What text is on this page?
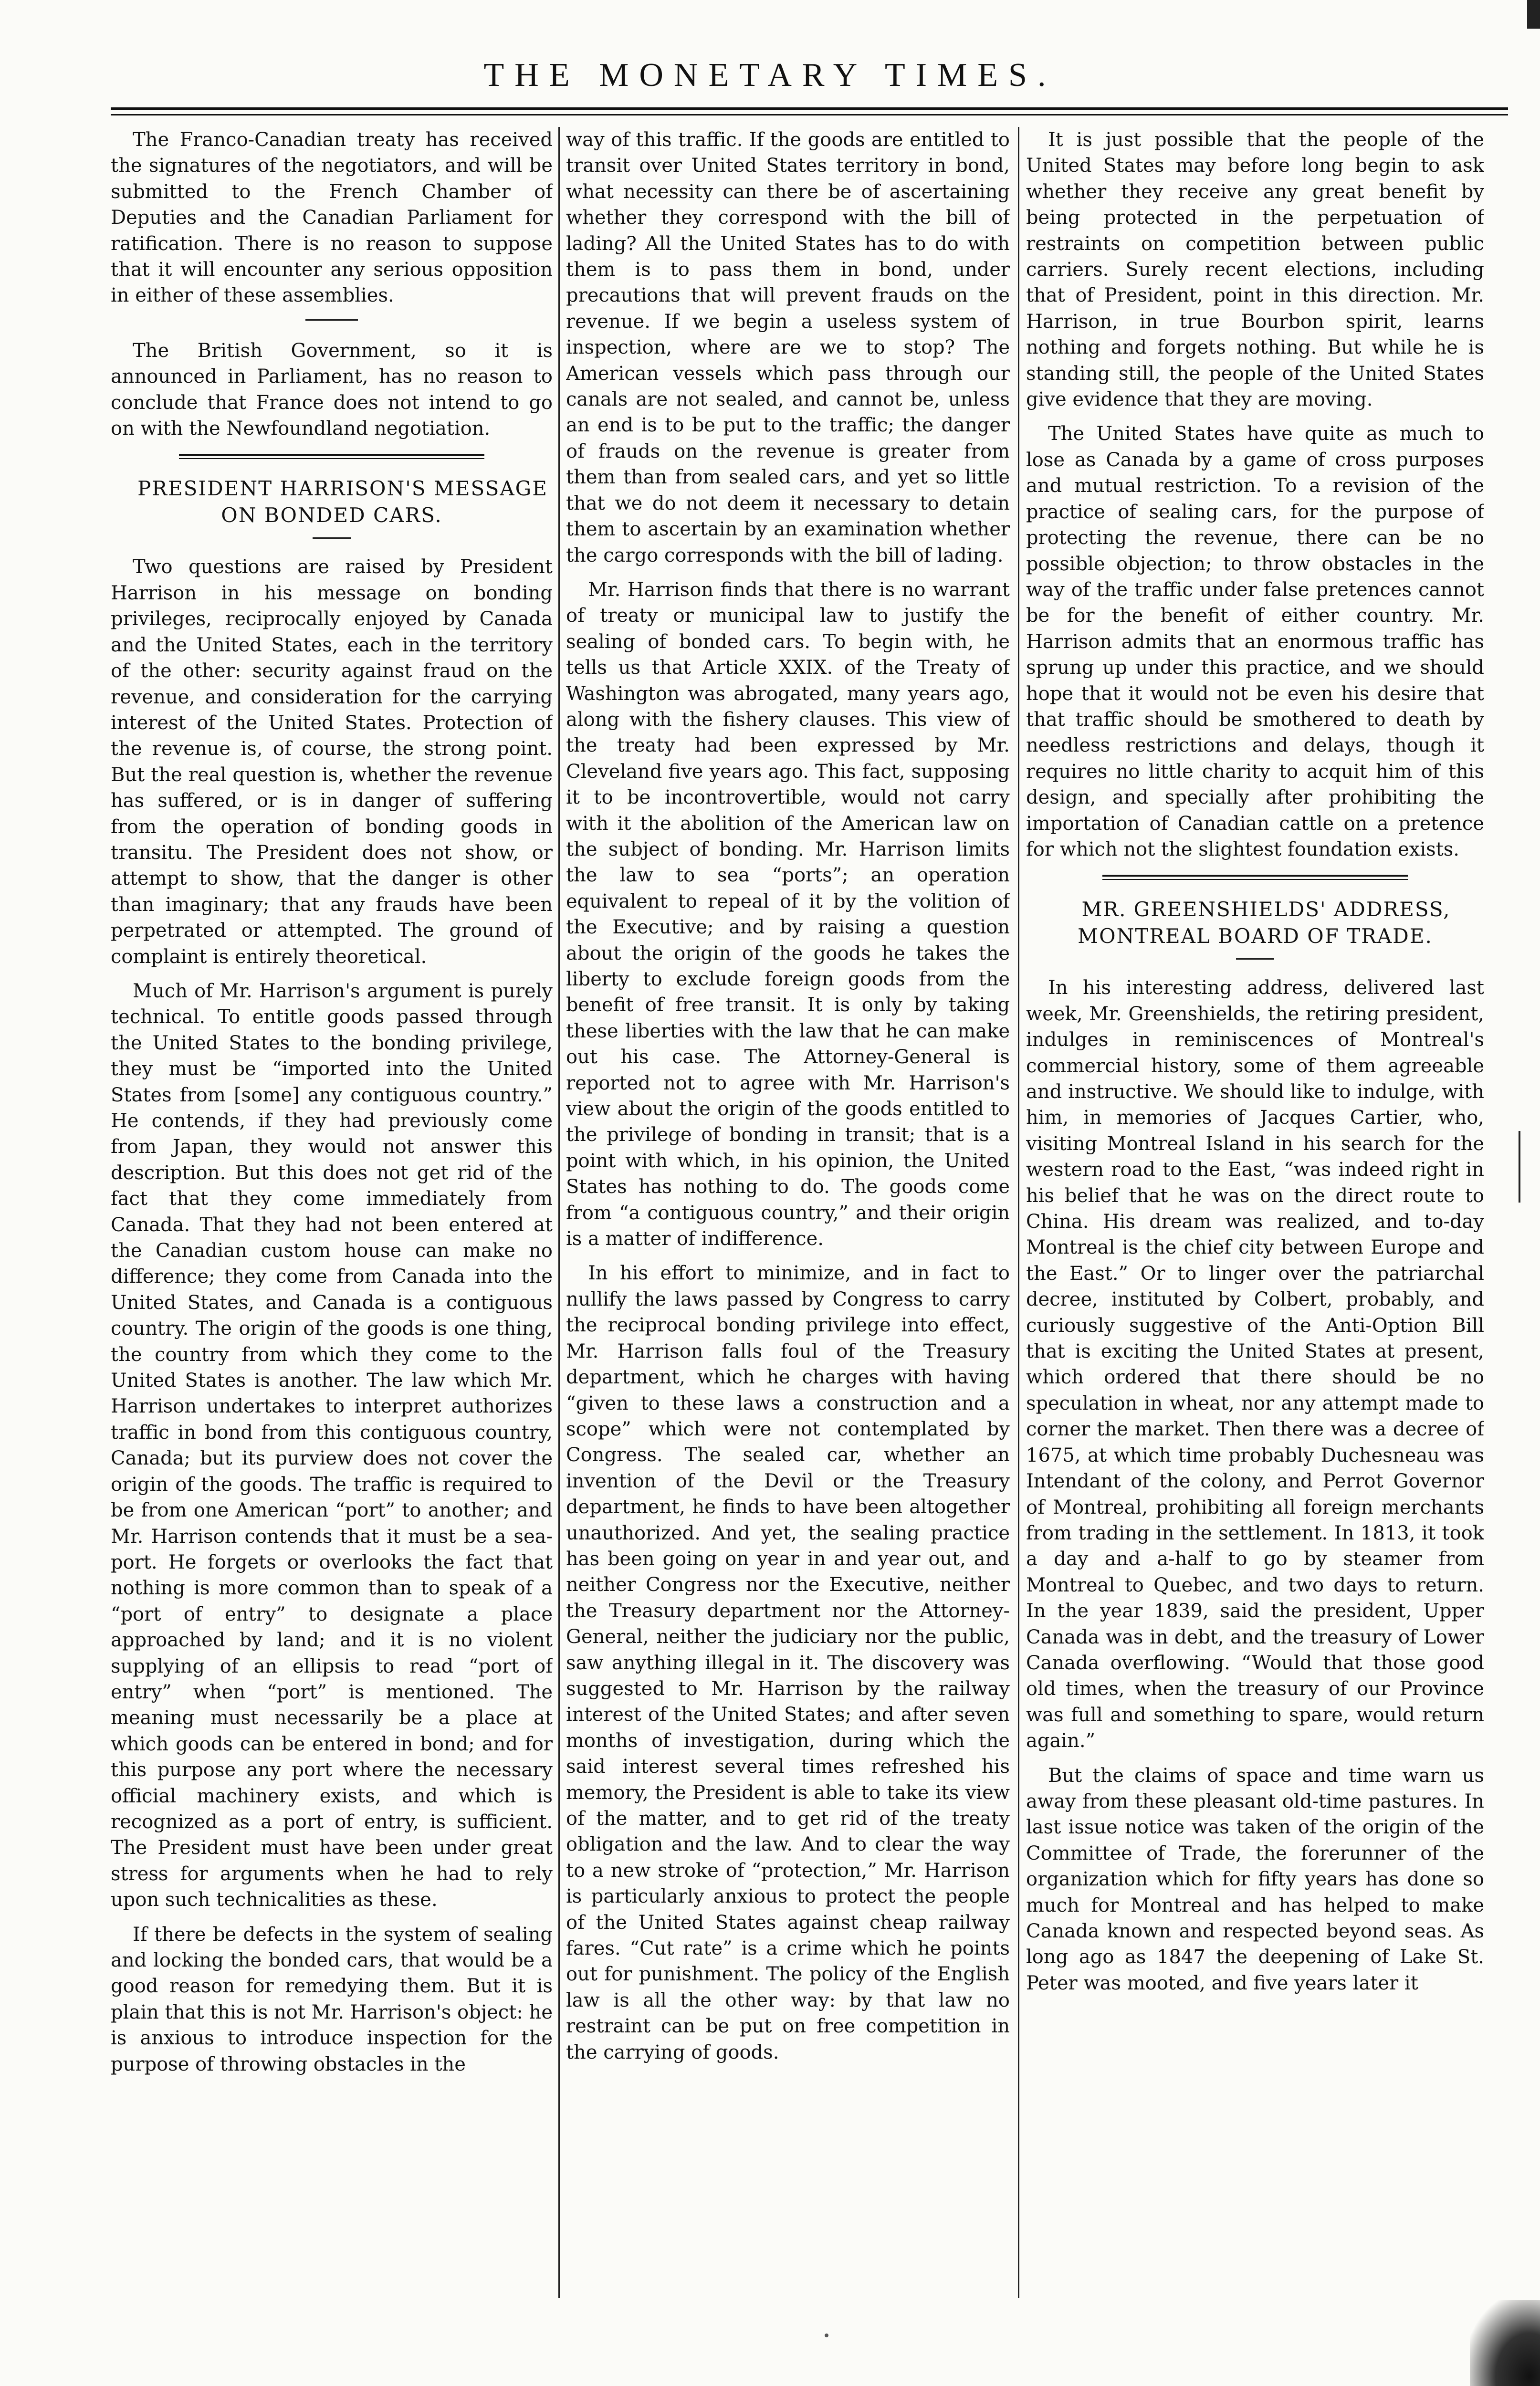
THE MONETARY TIMES.

The Franco-Canadian treaty has received the signatures of the negotiators, and will be submitted to the French Chamber of Deputies and the Canadian Parliament for ratification. There is no reason to suppose that it will encounter any serious opposition in either of these assemblies.

The British Government, so it is announced in Parliament, has no reason to conclude that France does not intend to go on with the Newfoundland negotiation.

PRESIDENT HARRISON'S MESSAGE ON BONDED CARS.

Two questions are raised by President Harrison in his message on bonding privileges, reciprocally enjoyed by Canada and the United States, each in the territory of the other: security against fraud on the revenue, and consideration for the carrying interest of the United States. Protection of the revenue is, of course, the strong point. But the real question is, whether the revenue has suffered, or is in danger of suffering from the operation of bonding goods in transitu. The President does not show, or attempt to show, that the danger is other than imaginary; that any frauds have been perpetrated or attempted. The ground of complaint is entirely theoretical.

Much of Mr. Harrison's argument is purely technical. To entitle goods passed through the United States to the bonding privilege, they must be “imported into the United States from [some] any contiguous country.” He contends, if they had previously come from Japan, they would not answer this description. But this does not get rid of the fact that they come immediately from Canada. That they had not been entered at the Canadian custom house can make no difference; they come from Canada into the United States, and Canada is a contiguous country. The origin of the goods is one thing, the country from which they come to the United States is another. The law which Mr. Harrison undertakes to interpret authorizes traffic in bond from this contiguous country, Canada; but its purview does not cover the origin of the goods. The traffic is required to be from one American “port” to another; and Mr. Harrison contends that it must be a sea-port. He forgets or overlooks the fact that nothing is more common than to speak of a “port of entry” to designate a place approached by land; and it is no violent supplying of an ellipsis to read “port of entry” when “port” is mentioned. The meaning must necessarily be a place at which goods can be entered in bond; and for this purpose any port where the necessary official machinery exists, and which is recognized as a port of entry, is sufficient. The President must have been under great stress for arguments when he had to rely upon such technicalities as these.

If there be defects in the system of sealing and locking the bonded cars, that would be a good reason for remedying them. But it is plain that this is not Mr. Harrison's object: he is anxious to introduce inspection for the purpose of throwing obstacles in the

way of this traffic. If the goods are entitled to transit over United States territory in bond, what necessity can there be of ascertaining whether they correspond with the bill of lading? All the United States has to do with them is to pass them in bond, under precautions that will prevent frauds on the revenue. If we begin a useless system of inspection, where are we to stop? The American vessels which pass through our canals are not sealed, and cannot be, unless an end is to be put to the traffic; the danger of frauds on the revenue is greater from them than from sealed cars, and yet so little that we do not deem it necessary to detain them to ascertain by an examination whether the cargo corresponds with the bill of lading.

Mr. Harrison finds that there is no warrant of treaty or municipal law to justify the sealing of bonded cars. To begin with, he tells us that Article XXIX. of the Treaty of Washington was abrogated, many years ago, along with the fishery clauses. This view of the treaty had been expressed by Mr. Cleveland five years ago. This fact, supposing it to be incontrovertible, would not carry with it the abolition of the American law on the subject of bonding. Mr. Harrison limits the law to sea “ports”; an operation equivalent to repeal of it by the volition of the Executive; and by raising a question about the origin of the goods he takes the liberty to exclude foreign goods from the benefit of free transit. It is only by taking these liberties with the law that he can make out his case. The Attorney-General is reported not to agree with Mr. Harrison's view about the origin of the goods entitled to the privilege of bonding in transit; that is a point with which, in his opinion, the United States has nothing to do. The goods come from “a contiguous country,” and their origin is a matter of indifference.

In his effort to minimize, and in fact to nullify the laws passed by Congress to carry the reciprocal bonding privilege into effect, Mr. Harrison falls foul of the Treasury department, which he charges with having “given to these laws a construction and a scope” which were not contemplated by Congress. The sealed car, whether an invention of the Devil or the Treasury department, he finds to have been altogether unauthorized. And yet, the sealing practice has been going on year in and year out, and neither Congress nor the Executive, neither the Treasury department nor the Attorney-General, neither the judiciary nor the public, saw anything illegal in it. The discovery was suggested to Mr. Harrison by the railway interest of the United States; and after seven months of investigation, during which the said interest several times refreshed his memory, the President is able to take its view of the matter, and to get rid of the treaty obligation and the law. And to clear the way to a new stroke of “protection,” Mr. Harrison is particularly anxious to protect the people of the United States against cheap railway fares. “Cut rate” is a crime which he points out for punishment. The policy of the English law is all the other way: by that law no restraint can be put on free competition in the carrying of goods.

It is just possible that the people of the United States may before long begin to ask whether they receive any great benefit by being protected in the perpetuation of restraints on competition between public carriers. Surely recent elections, including that of President, point in this direction. Mr. Harrison, in true Bourbon spirit, learns nothing and forgets nothing. But while he is standing still, the people of the United States give evidence that they are moving.

The United States have quite as much to lose as Canada by a game of cross purposes and mutual restriction. To a revision of the practice of sealing cars, for the purpose of protecting the revenue, there can be no possible objection; to throw obstacles in the way of the traffic under false pretences cannot be for the benefit of either country. Mr. Harrison admits that an enormous traffic has sprung up under this practice, and we should hope that it would not be even his desire that that traffic should be smothered to death by needless restrictions and delays, though it requires no little charity to acquit him of this design, and specially after prohibiting the importation of Canadian cattle on a pretence for which not the slightest foundation exists.

MR. GREENSHIELDS' ADDRESS, MONTREAL BOARD OF TRADE.

In his interesting address, delivered last week, Mr. Greenshields, the retiring president, indulges in reminiscences of Montreal's commercial history, some of them agreeable and instructive. We should like to indulge, with him, in memories of Jacques Cartier, who, visiting Montreal Island in his search for the western road to the East, “was indeed right in his belief that he was on the direct route to China. His dream was realized, and to-day Montreal is the chief city between Europe and the East.” Or to linger over the patriarchal decree, instituted by Colbert, probably, and curiously suggestive of the Anti-Option Bill that is exciting the United States at present, which ordered that there should be no speculation in wheat, nor any attempt made to corner the market. Then there was a decree of 1675, at which time probably Duchesneau was Intendant of the colony, and Perrot Governor of Montreal, prohibiting all foreign merchants from trading in the settlement. In 1813, it took a day and a-half to go by steamer from Montreal to Quebec, and two days to return. In the year 1839, said the president, Upper Canada was in debt, and the treasury of Lower Canada overflowing. “Would that those good old times, when the treasury of our Province was full and something to spare, would return again.”

But the claims of space and time warn us away from these pleasant old-time pastures. In last issue notice was taken of the origin of the Committee of Trade, the forerunner of the organization which for fifty years has done so much for Montreal and has helped to make Canada known and respected beyond seas. As long ago as 1847 the deepening of Lake St. Peter was mooted, and five years later it
